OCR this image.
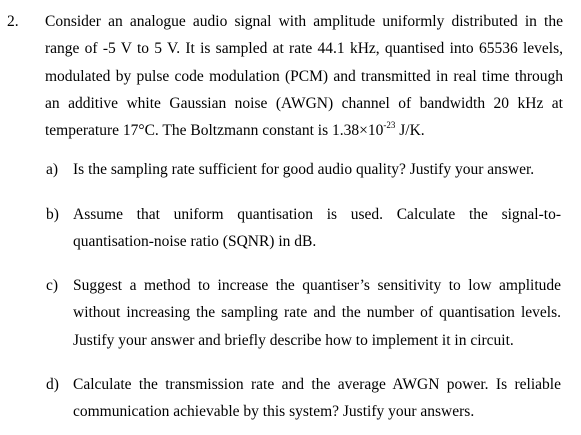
2. Consider an analogue audio signal with amplitude uniformly distributed in the
range of -5 V to 5 V. It is sampled at rate 44.1 kHz, quantised into 65536 levels,
modulated by pulse code modulation (PCM) and transmitted in real time through
an additive white Gaussian noise (AWGN) channel of bandwidth 20 kHz at
temperature 17°C. The Boltzmann constant is $1.38\times 10^{-23}$ J/K.
a) Is the sampling rate sufficient for good audio quality? Justify your answer.
b) Assume that uniform quantisation is used. Calculate the signal-to-
quantisation-noise ratio (SQNR) in dB.
c) Suggest a method to increase the quantiser’s sensitivity to low amplitude
without increasing the sampling rate and the number of quantisation levels.
Justify your answer and briefly describe how to implement it in circuit.
d) Calculate the transmission rate and the average AWGN power. Is reliable
communication achievable by this system? Justify your answers.
